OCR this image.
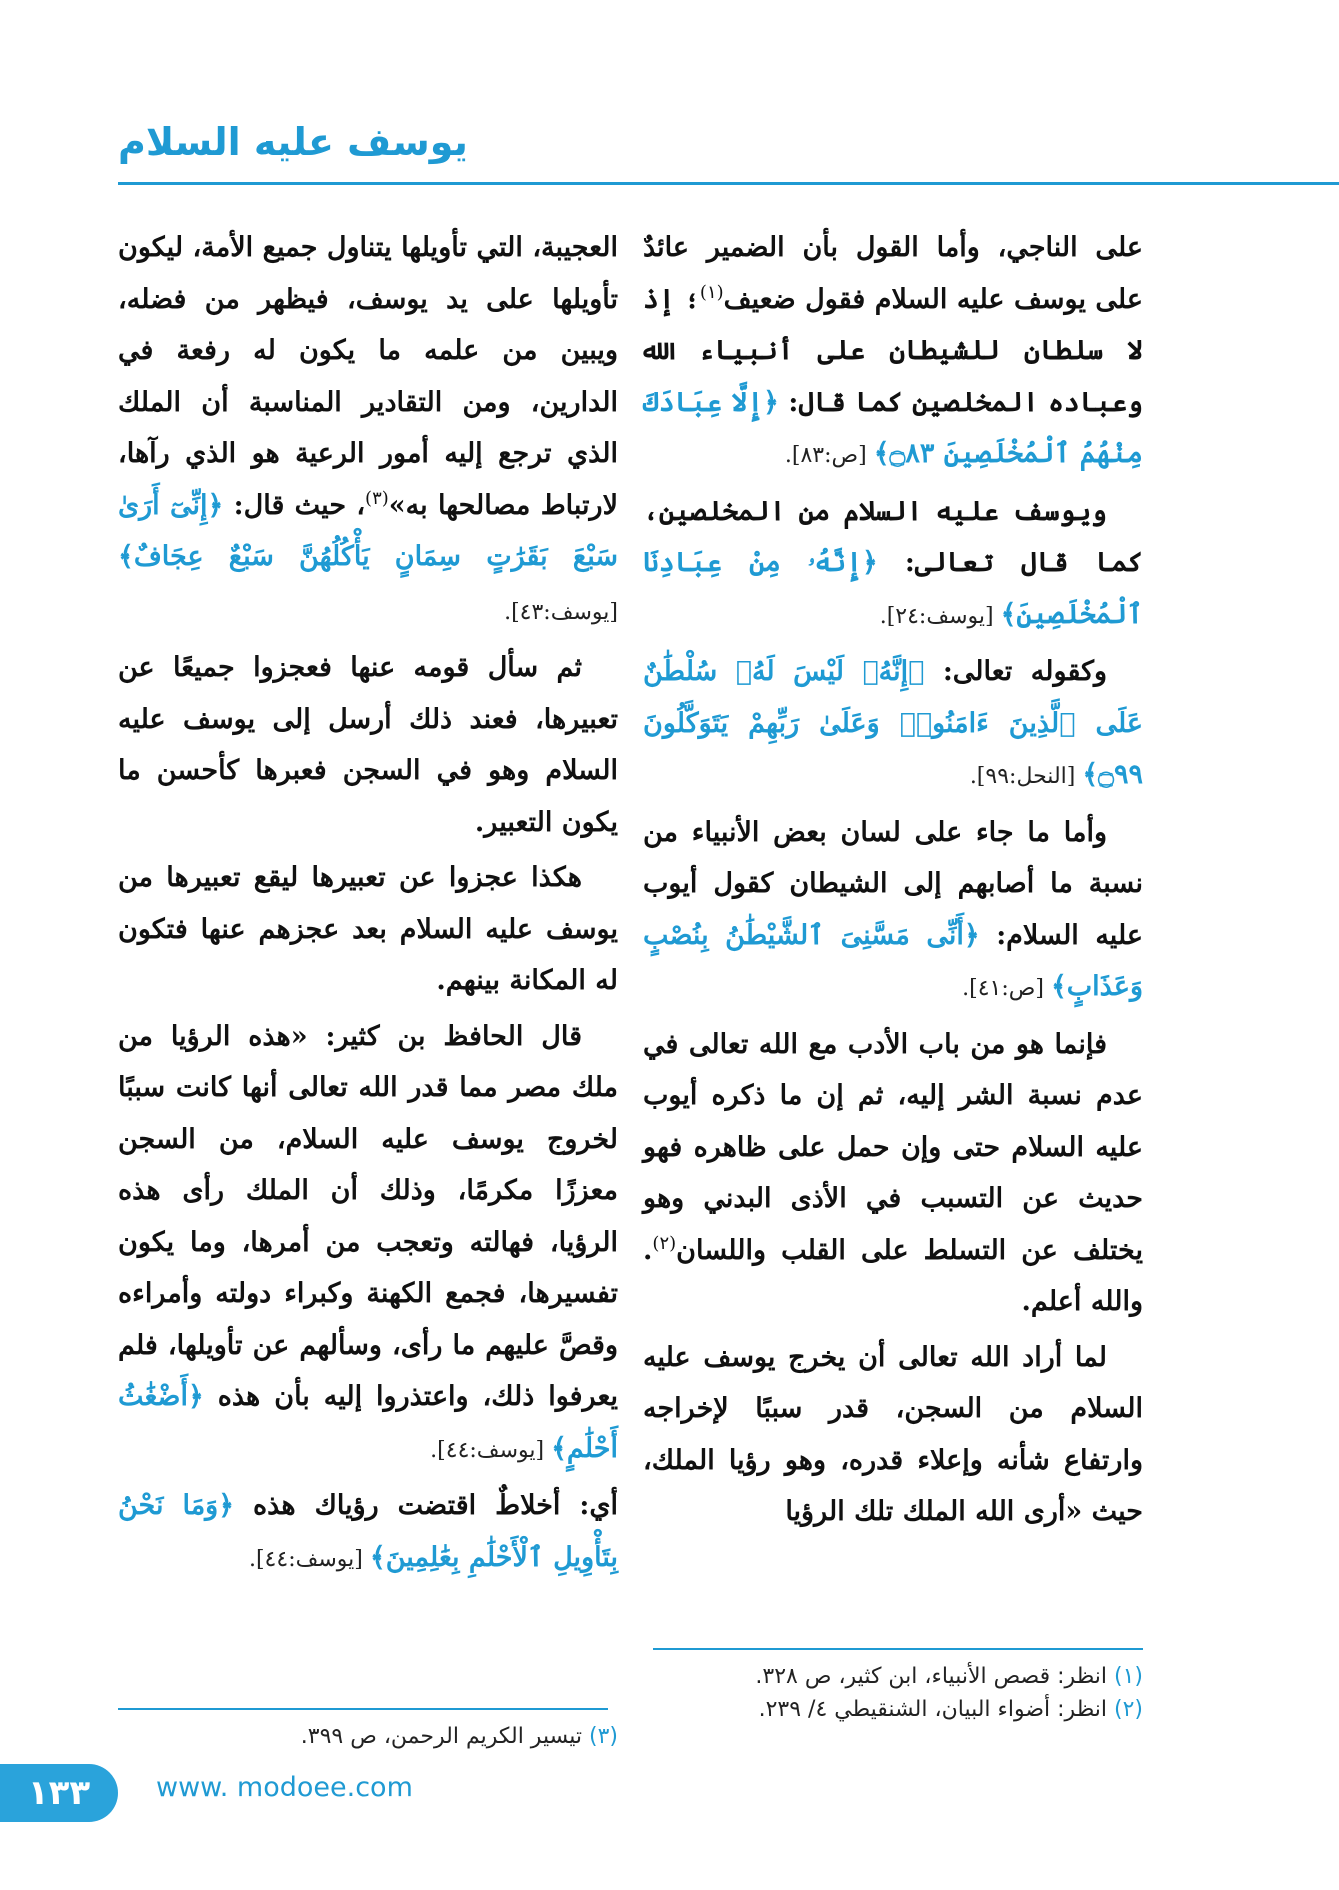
يوسف عليه السلام

على الناجي، وأما القول بأن الضمير عائدٌ على يوسف عليه السلام فقول ضعيف$^{(١)}$؛ إذ لا سلطان للشيطان على أنبياء الله وعباده المخلصين كما قال: ﴿إِلَّا عِبَادَكَ مِنْهُمُ ٱلْمُخْلَصِينَ ۝٨٣﴾ [ص:٨٣].

ويوسف عليه السلام من المخلصين، كما قال تعالى: ﴿إِنَّهُۥ مِنْ عِبَادِنَا ٱلْمُخْلَصِينَ﴾ [يوسف:٢٤].

وكقوله تعالى: ﴿إِنَّهُۥ لَيْسَ لَهُۥ سُلْطَٰنٌ عَلَى ٱلَّذِينَ ءَامَنُوا۟ وَعَلَىٰ رَبِّهِمْ يَتَوَكَّلُونَ ۝٩٩﴾ [النحل:٩٩].

وأما ما جاء على لسان بعض الأنبياء من نسبة ما أصابهم إلى الشيطان كقول أيوب عليه السلام: ﴿أَنِّى مَسَّنِىَ ٱلشَّيْطَٰنُ بِنُصْبٍ وَعَذَابٍ﴾ [ص:٤١].

فإنما هو من باب الأدب مع الله تعالى في عدم نسبة الشر إليه، ثم إن ما ذكره أيوب عليه السلام حتى وإن حمل على ظاهره فهو حديث عن التسبب في الأذى البدني وهو يختلف عن التسلط على القلب واللسان$^{(٢)}$. والله أعلم.

لما أراد الله تعالى أن يخرج يوسف عليه السلام من السجن، قدر سببًا لإخراجه وارتفاع شأنه وإعلاء قدره، وهو رؤيا الملك، حيث «أرى الله الملك تلك الرؤيا

العجيبة، التي تأويلها يتناول جميع الأمة، ليكون تأويلها على يد يوسف، فيظهر من فضله، ويبين من علمه ما يكون له رفعة في الدارين، ومن التقادير المناسبة أن الملك الذي ترجع إليه أمور الرعية هو الذي رآها، لارتباط مصالحها به»$^{(٣)}$، حيث قال: ﴿إِنِّىٓ أَرَىٰ سَبْعَ بَقَرَٰتٍ سِمَانٍ يَأْكُلُهُنَّ سَبْعٌ عِجَافٌ﴾ [يوسف:٤٣].

ثم سأل قومه عنها فعجزوا جميعًا عن تعبيرها، فعند ذلك أرسل إلى يوسف عليه السلام وهو في السجن فعبرها كأحسن ما يكون التعبير.

هكذا عجزوا عن تعبيرها ليقع تعبيرها من يوسف عليه السلام بعد عجزهم عنها فتكون له المكانة بينهم.

قال الحافظ بن كثير: «هذه الرؤيا من ملك مصر مما قدر الله تعالى أنها كانت سببًا لخروج يوسف عليه السلام، من السجن معززًا مكرمًا، وذلك أن الملك رأى هذه الرؤيا، فهالته وتعجب من أمرها، وما يكون تفسيرها، فجمع الكهنة وكبراء دولته وأمراءه وقصَّ عليهم ما رأى، وسألهم عن تأويلها، فلم يعرفوا ذلك، واعتذروا إليه بأن هذه ﴿أَضْغَٰثُ أَحْلَٰمٍ﴾ [يوسف:٤٤].

أي: أخلاطٌ اقتضت رؤياك هذه ﴿وَمَا نَحْنُ بِتَأْوِيلِ ٱلْأَحْلَٰمِ بِعَٰلِمِينَ﴾ [يوسف:٤٤].

(١) انظر: قصص الأنبياء، ابن كثير، ص ٣٢٨.
(٢) انظر: أضواء البيان، الشنقيطي ٤/ ٢٣٩.
(٣) تيسير الكريم الرحمن، ص ٣٩٩.
١٣٣	www. modoee.com
